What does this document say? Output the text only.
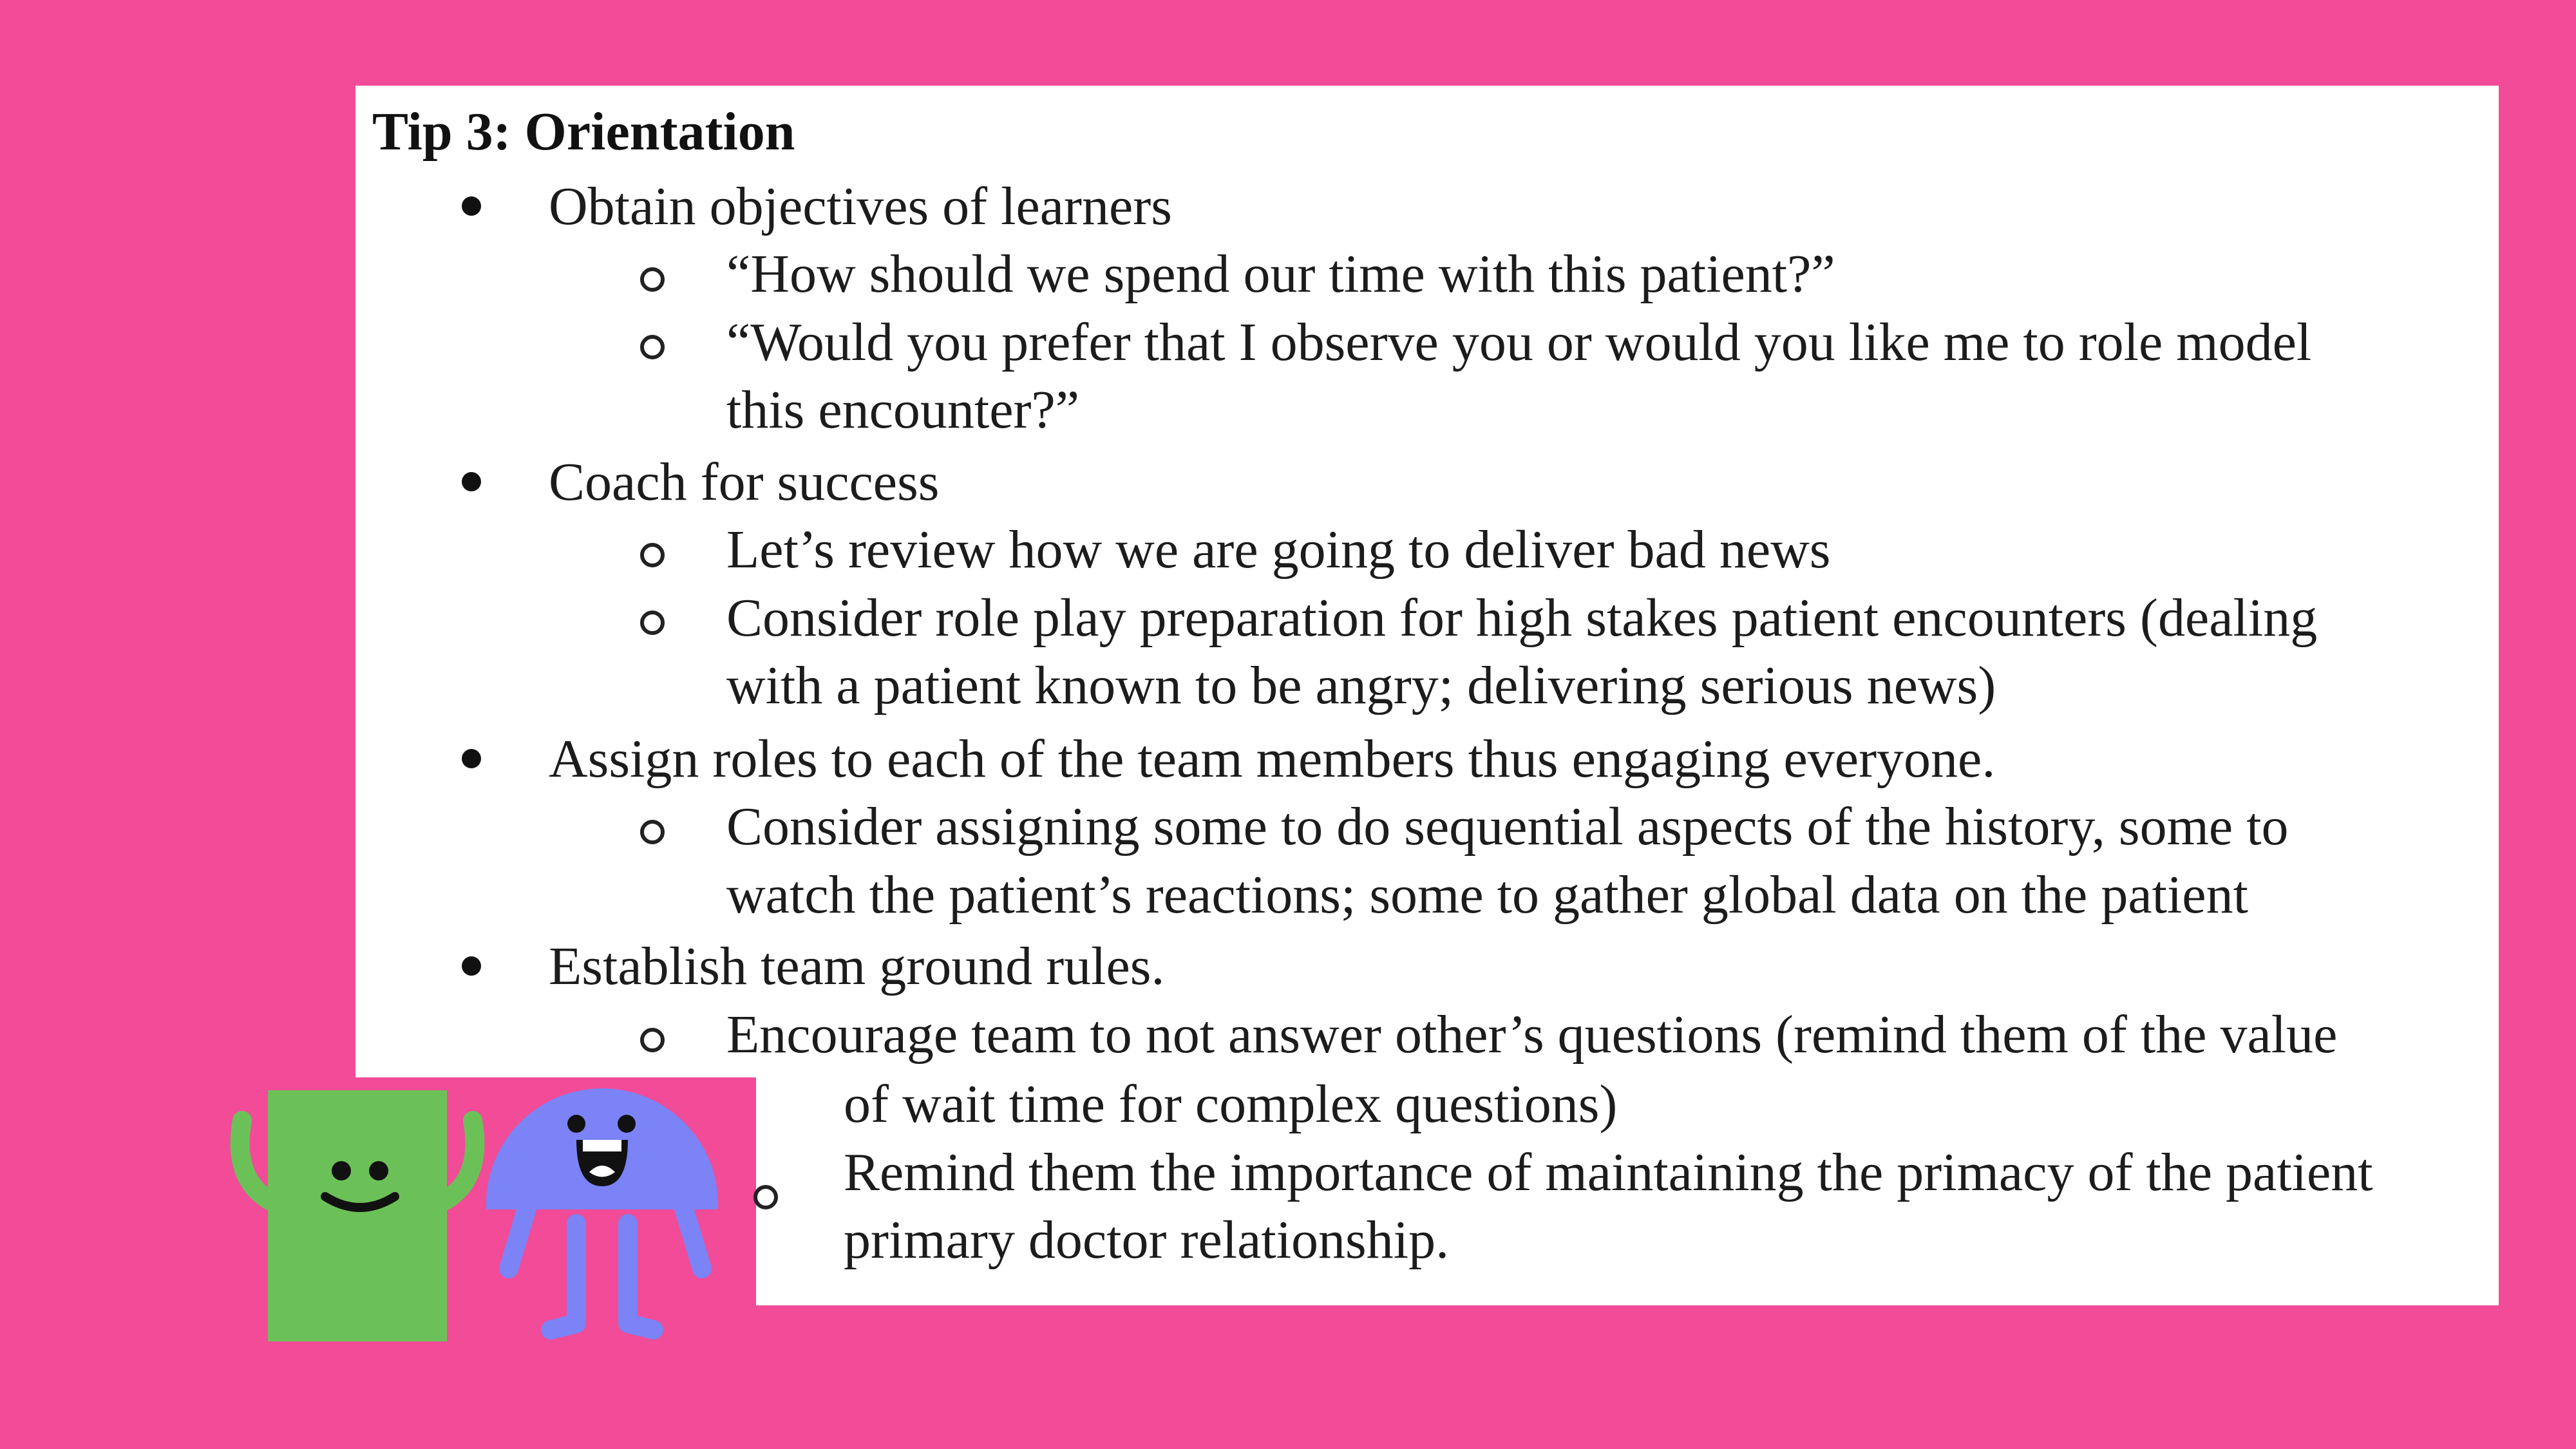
Tip 3: Orientation
Obtain objectives of learners
“How should we spend our time with this patient?”
“Would you prefer that I observe you or would you like me to role model
this encounter?”
Coach for success
Let’s review how we are going to deliver bad news
Consider role play preparation for high stakes patient encounters (dealing
with a patient known to be angry; delivering serious news)
Assign roles to each of the team members thus engaging everyone.
Consider assigning some to do sequential aspects of the history, some to
watch the patient’s reactions; some to gather global data on the patient
Establish team ground rules.
Encourage team to not answer other’s questions (remind them of the value
of wait time for complex questions)
Remind them the importance of maintaining the primacy of the patient
primary doctor relationship.
